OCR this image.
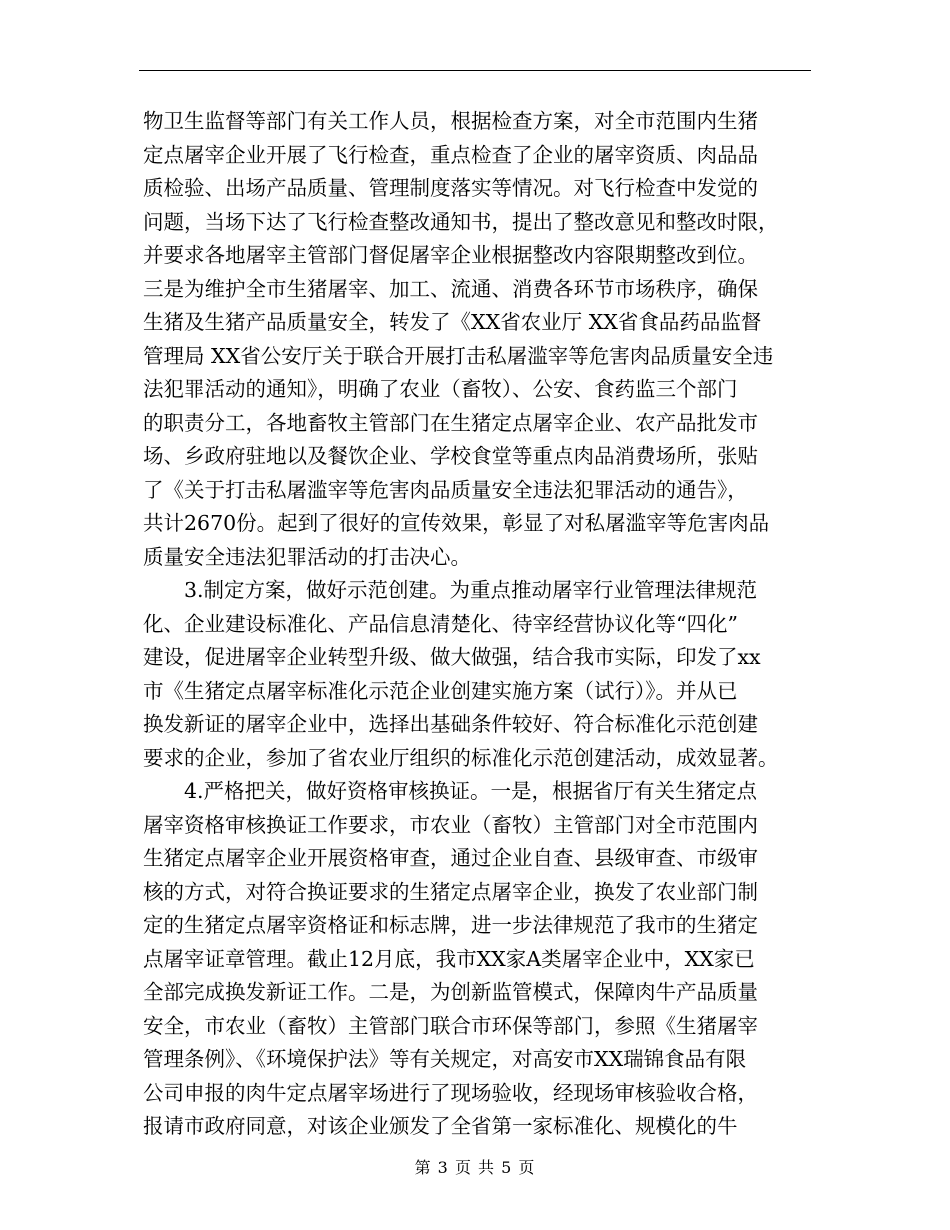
物卫生监督等部门有关工作人员，根据检查方案，对全市范围内生猪
定点屠宰企业开展了飞行检查，重点检查了企业的屠宰资质、肉品品
质检验、出场产品质量、管理制度落实等情况。对飞行检查中发觉的
问题，当场下达了飞行检查整改通知书，提出了整改意见和整改时限，
并要求各地屠宰主管部门督促屠宰企业根据整改内容限期整改到位。
三是为维护全市生猪屠宰、加工、流通、消费各环节市场秩序，确保
生猪及生猪产品质量安全，转发了《XX省农业厅 XX省食品药品监督
管理局 XX省公安厅关于联合开展打击私屠滥宰等危害肉品质量安全违
法犯罪活动的通知》，明确了农业（畜牧）、公安、食药监三个部门
的职责分工，各地畜牧主管部门在生猪定点屠宰企业、农产品批发市
场、乡政府驻地以及餐饮企业、学校食堂等重点肉品消费场所，张贴
了《关于打击私屠滥宰等危害肉品质量安全违法犯罪活动的通告》，
共计2670份。起到了很好的宣传效果，彰显了对私屠滥宰等危害肉品
质量安全违法犯罪活动的打击决心。
3.制定方案，做好示范创建。为重点推动屠宰行业管理法律规范
化、企业建设标准化、产品信息清楚化、待宰经营协议化等“四化”
建设，促进屠宰企业转型升级、做大做强，结合我市实际，印发了xx
市《生猪定点屠宰标准化示范企业创建实施方案（试行）》。并从已
换发新证的屠宰企业中，选择出基础条件较好、符合标准化示范创建
要求的企业，参加了省农业厅组织的标准化示范创建活动，成效显著。
4.严格把关，做好资格审核换证。一是，根据省厅有关生猪定点
屠宰资格审核换证工作要求，市农业（畜牧）主管部门对全市范围内
生猪定点屠宰企业开展资格审查，通过企业自查、县级审查、市级审
核的方式，对符合换证要求的生猪定点屠宰企业，换发了农业部门制
定的生猪定点屠宰资格证和标志牌，进一步法律规范了我市的生猪定
点屠宰证章管理。截止12月底，我市XX家A类屠宰企业中，XX家已
全部完成换发新证工作。二是，为创新监管模式，保障肉牛产品质量
安全，市农业（畜牧）主管部门联合市环保等部门，参照《生猪屠宰
管理条例》、《环境保护法》等有关规定，对高安市XX瑞锦食品有限
公司申报的肉牛定点屠宰场进行了现场验收，经现场审核验收合格，
报请市政府同意，对该企业颁发了全省第一家标准化、规模化的牛
第 3 页 共 5 页
